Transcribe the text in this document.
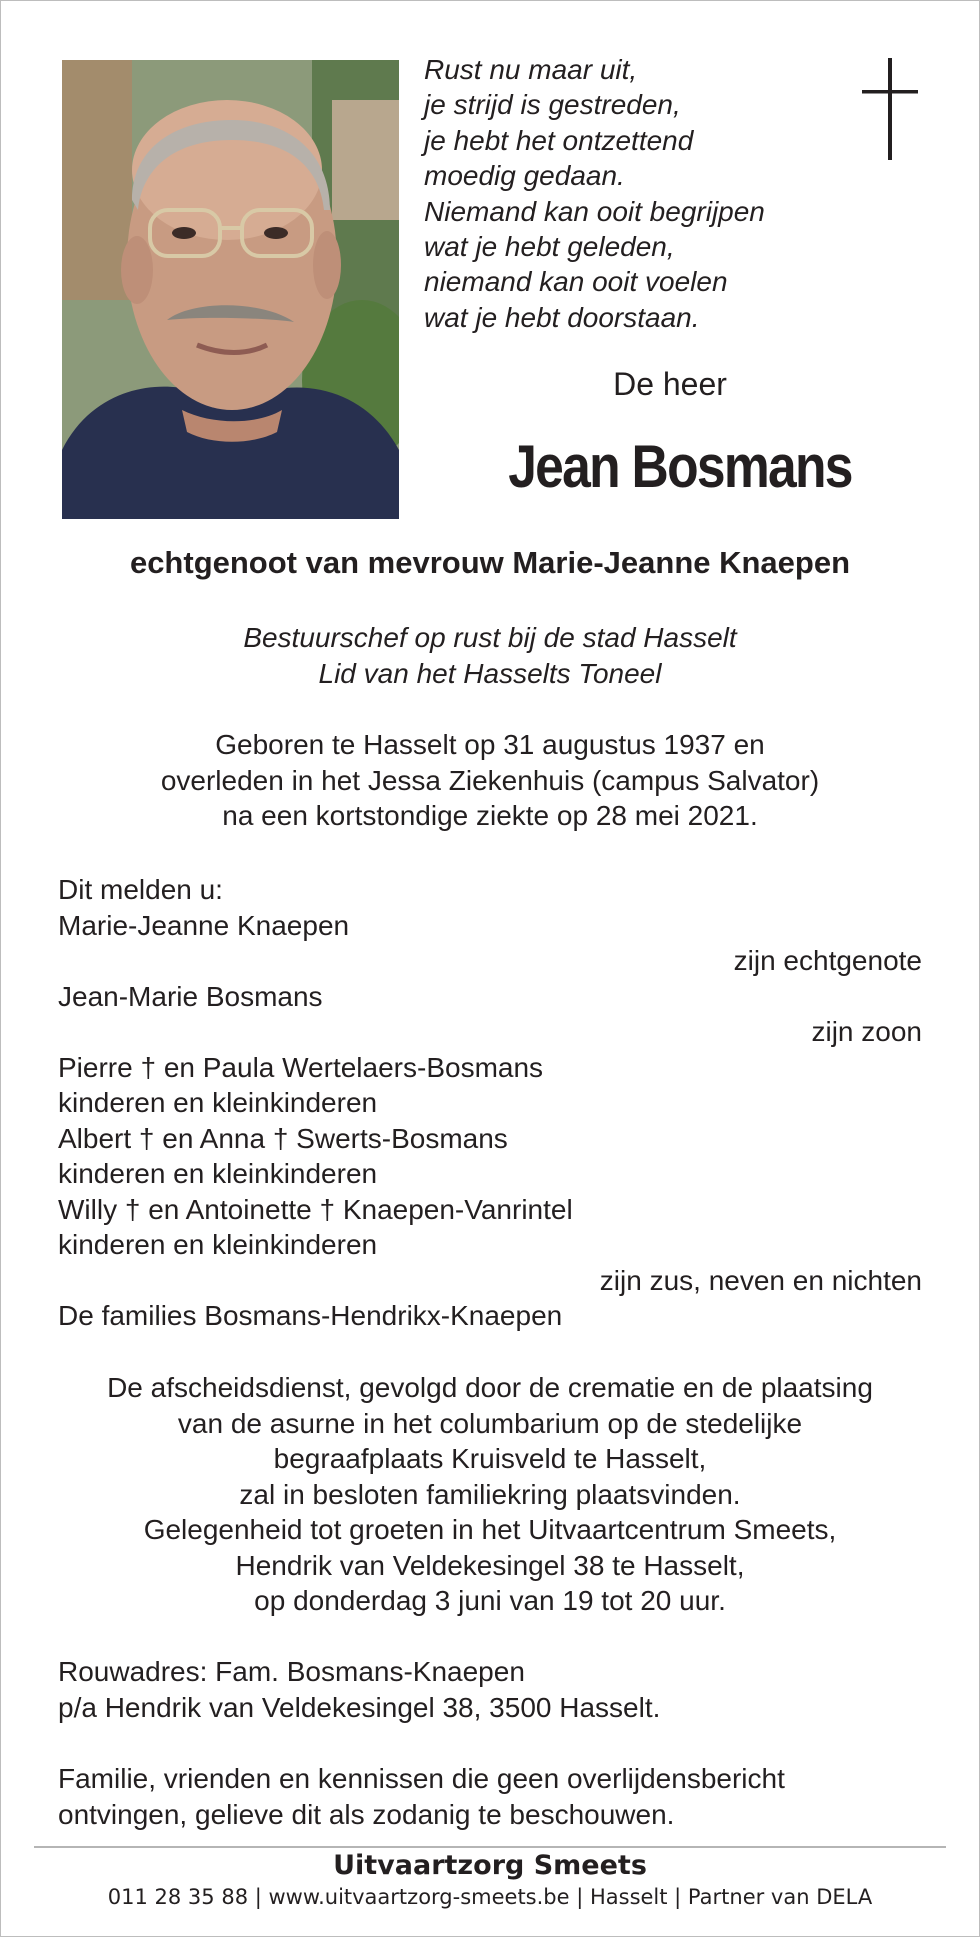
Rust nu maar uit,
je strijd is gestreden,
je hebt het ontzettend
moedig gedaan.
Niemand kan ooit begrijpen
wat je hebt geleden,
niemand kan ooit voelen
wat je hebt doorstaan.
De heer
Jean Bosmans
echtgenoot van mevrouw Marie-Jeanne Knaepen
Bestuurschef op rust bij de stad Hasselt
Lid van het Hasselts Toneel
Geboren te Hasselt op 31 augustus 1937 en
overleden in het Jessa Ziekenhuis (campus Salvator)
na een kortstondige ziekte op 28 mei 2021.
Dit melden u:
Marie-Jeanne Knaepen
zijn echtgenote
Jean-Marie Bosmans
zijn zoon
Pierre † en Paula Wertelaers-Bosmans
kinderen en kleinkinderen
Albert † en Anna † Swerts-Bosmans
kinderen en kleinkinderen
Willy † en Antoinette † Knaepen-Vanrintel
kinderen en kleinkinderen
zijn zus, neven en nichten
De families Bosmans-Hendrikx-Knaepen
De afscheidsdienst, gevolgd door de crematie en de plaatsing
van de asurne in het columbarium op de stedelijke
begraafplaats Kruisveld te Hasselt,
zal in besloten familiekring plaatsvinden.
Gelegenheid tot groeten in het Uitvaartcentrum Smeets,
Hendrik van Veldekesingel 38 te Hasselt,
op donderdag 3 juni van 19 tot 20 uur.
Rouwadres: Fam. Bosmans-Knaepen
p/a Hendrik van Veldekesingel 38, 3500 Hasselt.
Familie, vrienden en kennissen die geen overlijdensbericht
ontvingen, gelieve dit als zodanig te beschouwen.
Uitvaartzorg Smeets
011 28 35 88 | www.uitvaartzorg-smeets.be | Hasselt | Partner van DELA
